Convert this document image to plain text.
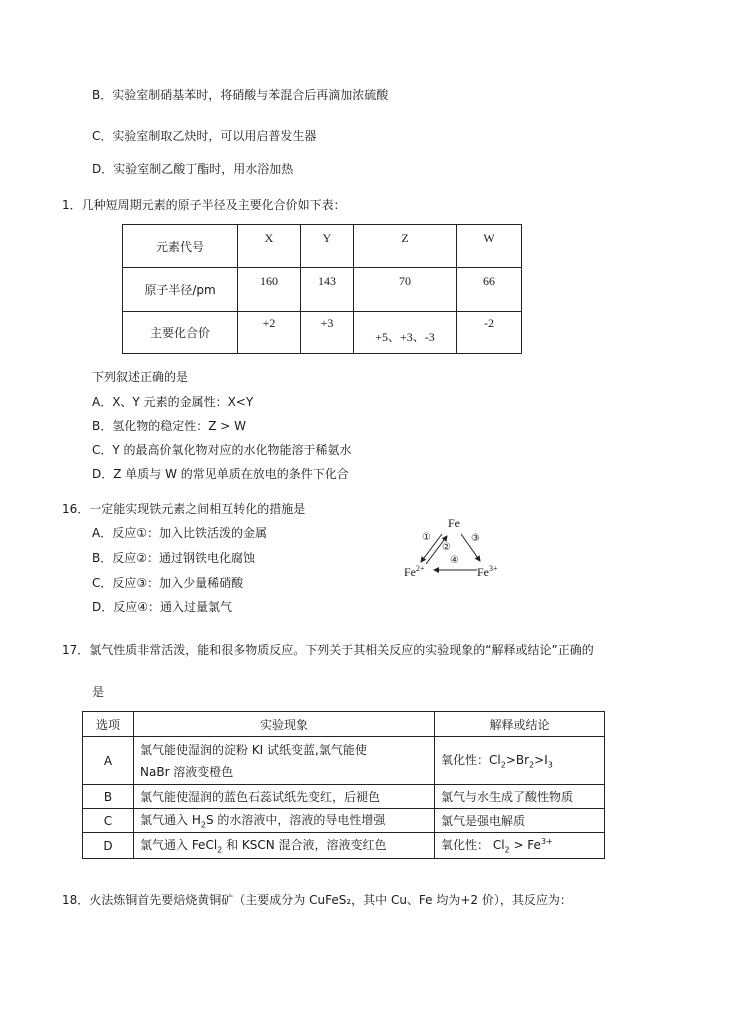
B．实验室制硝基苯时，将硝酸与苯混合后再滴加浓硫酸
C．实验室制取乙炔时，可以用启普发生器
D．实验室制乙酸丁酯时，用水浴加热
1．几种短周期元素的原子半径及主要化合价如下表：
元素代号	X	Y	Z	W
原子半径/pm	160	143	70	66
主要化合价	+2	+3	+5、+3、-3	-2
下列叙述正确的是
A．X、Y 元素的金属性：X<Y
B．氢化物的稳定性：Z > W
C．Y 的最高价氧化物对应的水化物能溶于稀氨水
D．Z 单质与 W 的常见单质在放电的条件下化合
16．一定能实现铁元素之间相互转化的措施是
A．反应①：加入比铁活泼的金属
B．反应②：通过钢铁电化腐蚀
C．反应③：加入少量稀硝酸
D．反应④：通入过量氯气
Fe
①
②
③
④
$Fe^{2+}$	$Fe^{3+}$
17．氯气性质非常活泼，能和很多物质反应。下列关于其相关反应的实验现象的“解释或结论”正确的
是
选项	实验现象	解释或结论
A	氯气能使湿润的淀粉 KI 试纸变蓝,氯气能使
NaBr 溶液变橙色	氧化性：$Cl_2>Br_2>I_3$
B	氯气能使湿润的蓝色石蕊试纸先变红，后褪色	氯气与水生成了酸性物质
C	氯气通入 $H_2S$ 的水溶液中，溶液的导电性增强	氯气是强电解质
D	氯气通入 FeCl$_2$ 和 KSCN 混合液，溶液变红色	氧化性： $Cl_2 > Fe^{3+}$
18．火法炼铜首先要焙烧黄铜矿（主要成分为 CuFeS₂，其中 Cu、Fe 均为+2 价），其反应为：
